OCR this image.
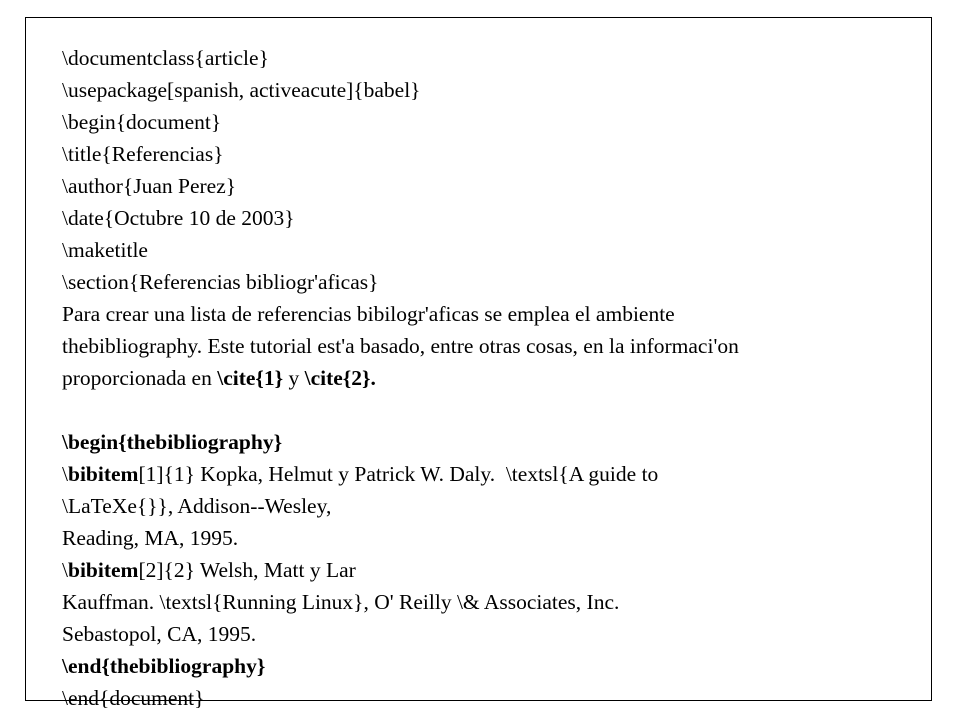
\documentclass{article}
\usepackage[spanish, activeacute]{babel}
\begin{document}
\title{Referencias}
\author{Juan Perez}
\date{Octubre 10 de 2003}
\maketitle
\section{Referencias bibliogr'aficas}
Para crear una lista de referencias bibilogr'aficas se emplea el ambiente
thebibliography. Este tutorial est'a basado, entre otras cosas, en la informaci'on
proporcionada en \cite{1} y \cite{2}.
\begin{thebibliography}
\bibitem[1]{1} Kopka, Helmut y Patrick W. Daly.  \textsl{A guide to
\LaTeXe{}}, Addison--Wesley,
Reading, MA, 1995.
\bibitem[2]{2} Welsh, Matt y Lar
Kauffman. \textsl{Running Linux}, O' Reilly \& Associates, Inc.
Sebastopol, CA, 1995.
\end{thebibliography}
\end{document}
